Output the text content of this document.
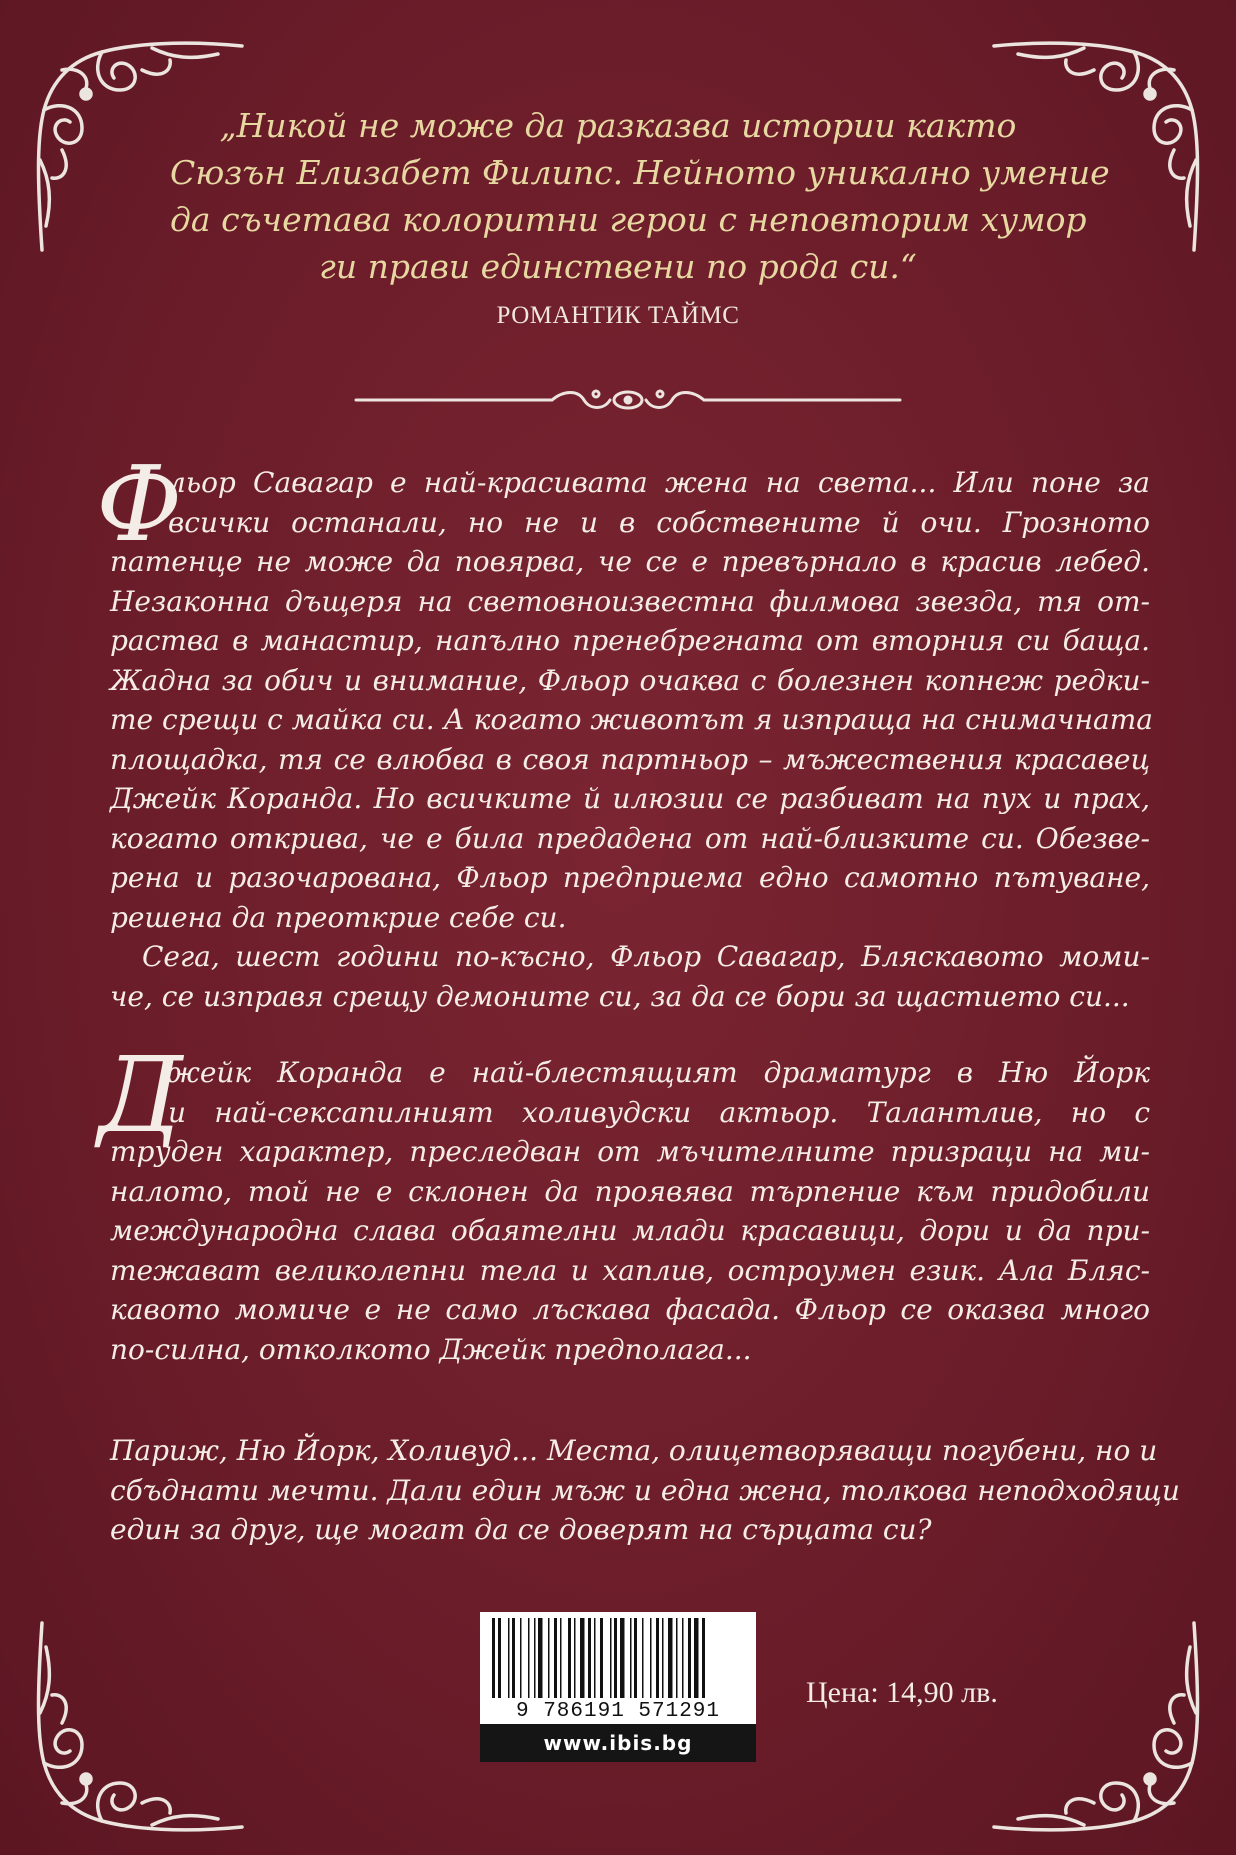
„Никой не може да разказва истории както
Сюзън Елизабет Филипс. Нейното уникално умение
да съчетава колоритни герои с неповторим хумор
ги прави единствени по рода си.“

РОМАНТИК ТАЙМС

Ф
льор Савагар е най-красивата жена на света... Или поне за
всички останали, но не и в собствените й очи. Грозното
патенце не може да повярва, че се е превърнало в красив лебед.
Незаконна дъщеря на световноизвестна филмова звезда, тя от-
раства в манастир, напълно пренебрегната от вторния си баща.
Жадна за обич и внимание, Фльор очаква с болезнен копнеж редки-
те срещи с майка си. А когато животът я изпраща на снимачната
площадка, тя се влюбва в своя партньор – мъжествения красавец
Джейк Коранда. Но всичките й илюзии се разбиват на пух и прах,
когато открива, че е била предадена от най-близките си. Обезве-
рена и разочарована, Фльор предприема едно самотно пътуване,
решена да преоткрие себе си.
Сега, шест години по-късно, Фльор Савагар, Бляскавото моми-
че, се изправя срещу демоните си, за да се бори за щастието си...
Д
жейк Коранда е най-блестящият драматург в Ню Йорк
и най-сексапилният холивудски актьор. Талантлив, но с
труден характер, преследван от мъчителните призраци на ми-
налото, той не е склонен да проявява търпение към придобили
международна слава обаятелни млади красавици, дори и да при-
тежават великолепни тела и хаплив, остроумен език. Ала Бляс-
кавото момиче е не само лъскава фасада. Фльор се оказва много
по-силна, отколкото Джейк предполага...
Париж, Ню Йорк, Холивуд... Места, олицетворяващи погубени, но и
сбъднати мечти. Дали един мъж и една жена, толкова неподходящи
един за друг, ще могат да се доверят на сърцата си?
9 786191 571291
www.ibis.bg

Цена: 14,90 лв.
